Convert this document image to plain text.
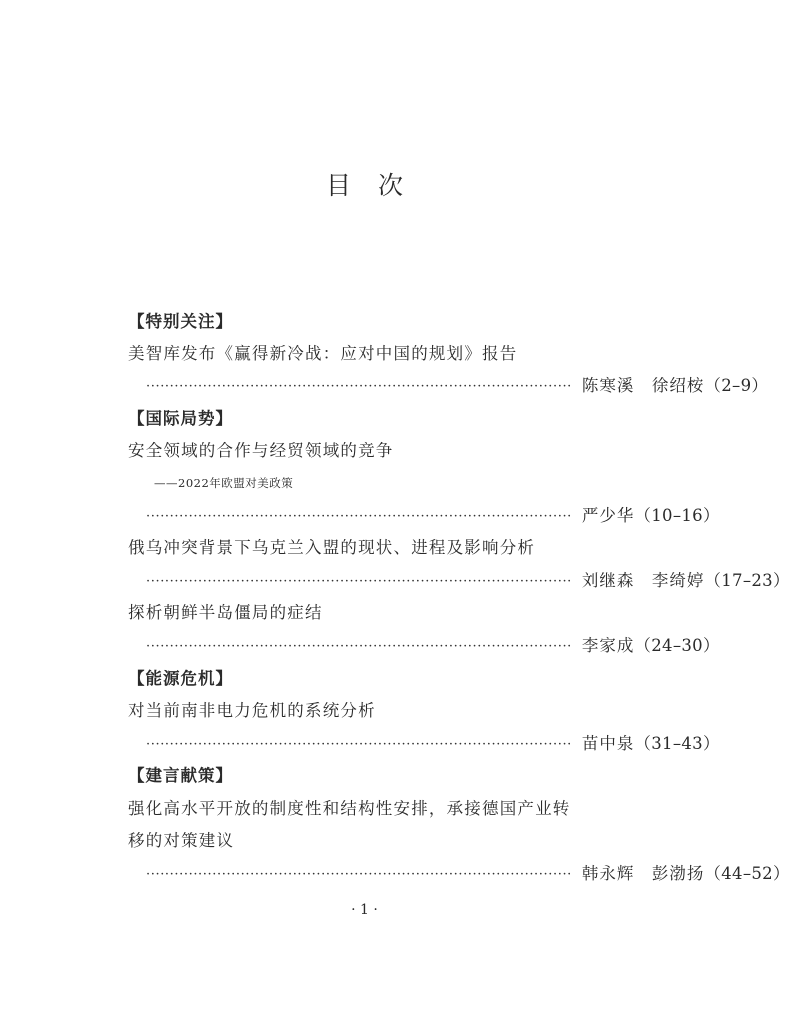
目次
【特别关注】
美智库发布《赢得新冷战：应对中国的规划》报告
·························································································· 陈寒溪　徐绍桉 （2–9）
【国际局势】
安全领域的合作与经贸领域的竞争
——2022年欧盟对美政策
·························································································· 严少华 （10–16）
俄乌冲突背景下乌克兰入盟的现状、进程及影响分析
·························································································· 刘继森　李绮婷 （17–23）
探析朝鲜半岛僵局的症结
·························································································· 李家成 （24–30）
【能源危机】
对当前南非电力危机的系统分析
·························································································· 苗中泉 （31–43）
【建言献策】
强化高水平开放的制度性和结构性安排，承接德国产业转
移的对策建议
·························································································· 韩永辉　彭渤扬 （44–52）
· 1 ·
